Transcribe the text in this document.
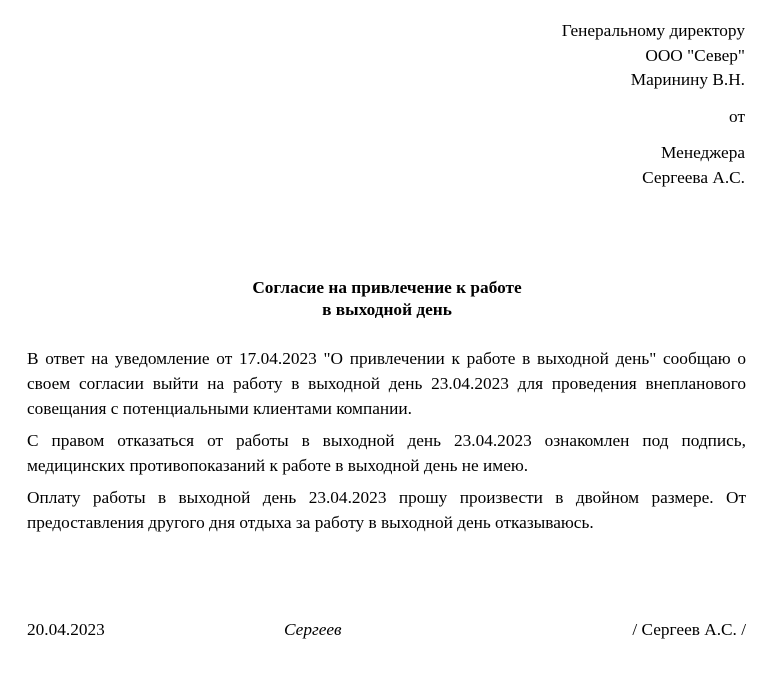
Генеральному директору
ООО "Север"
Маринину В.Н.
от
Менеджера
Сергеева А.С.
Согласие на привлечение к работе
в выходной день

В ответ на уведомление от 17.04.2023 "О привлечении к работе в выходной день" сообщаю о своем согласии выйти на работу в выходной день 23.04.2023 для проведения внепланового совещания с потенциальными клиентами компании.

С правом отказаться от работы в выходной день 23.04.2023 ознакомлен под подпись, медицинских противопоказаний к работе в выходной день не имею.

Оплату работы в выходной день 23.04.2023 прошу произвести в двойном размере. От предоставления другого дня отдыха за работу в выходной день отказываюсь.

20.04.2023	Сергеев	/ Сергеев А.С. /
